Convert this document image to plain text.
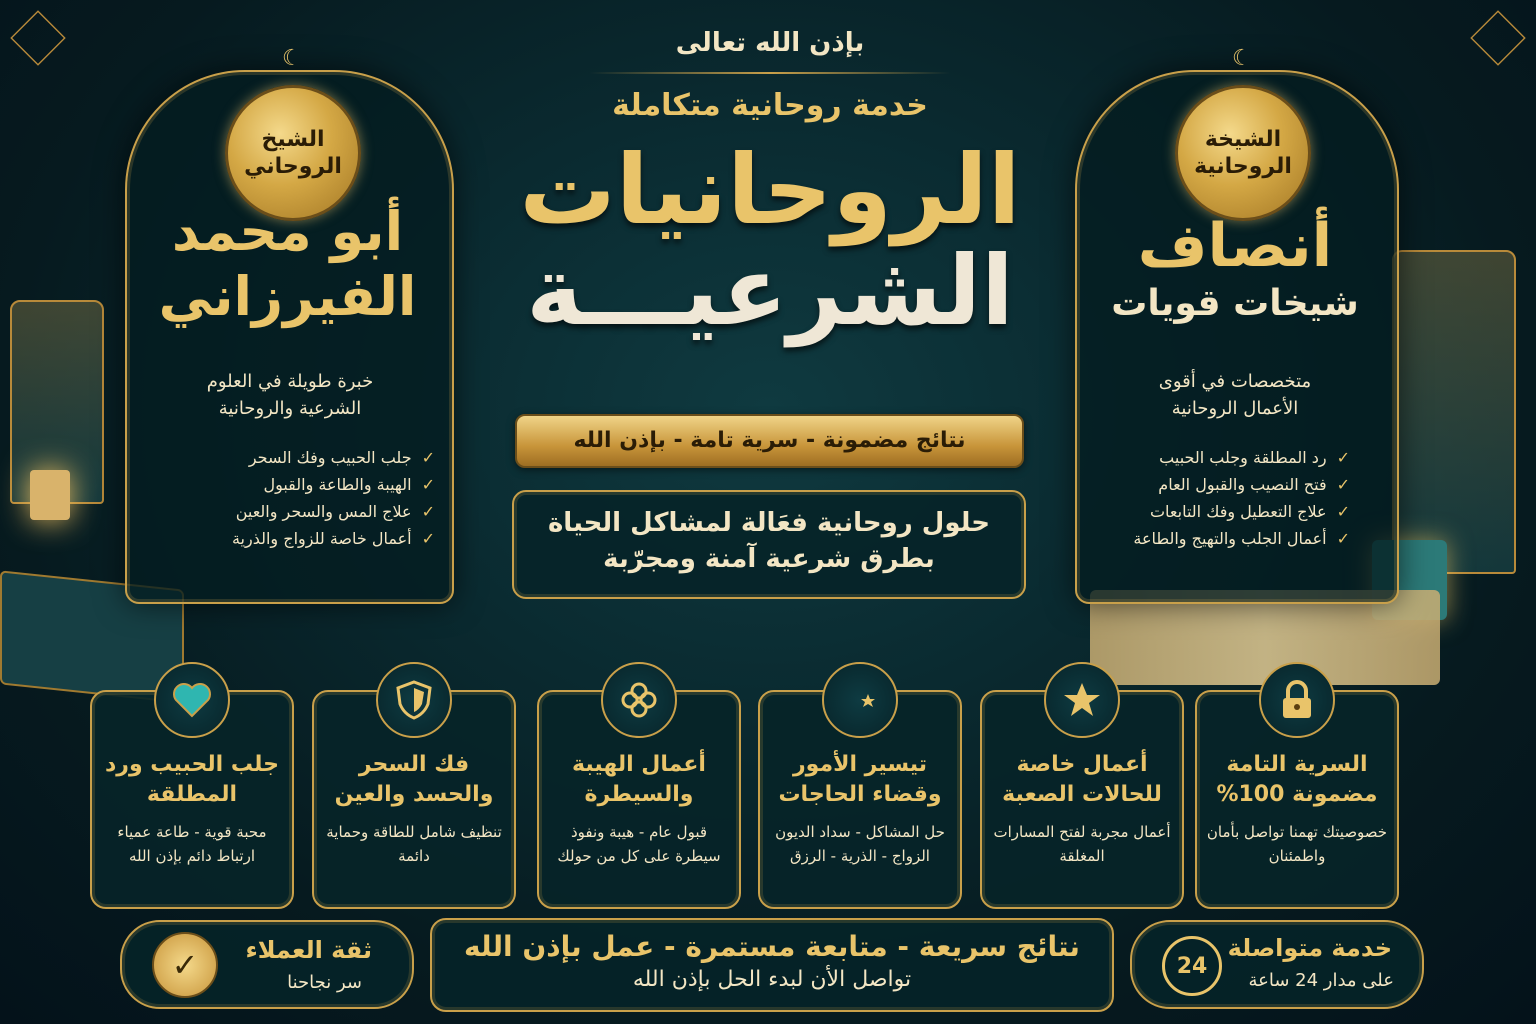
☾
الشيخ الروحاني
أبو محمد
الفيرزاني
خبرة طويلة في العلوم
الشرعية والروحانية
✓
جلب الحبيب وفك السحر
✓
الهيبة والطاعة والقبول
✓
علاج المس والسحر والعين
✓
أعمال خاصة للزواج والذرية
☾
الشيخة الروحانية
أنصاف
شيخات قويات
متخصصات في أقوى
الأعمال الروحانية
✓
رد المطلقة وجلب الحبيب
✓
فتح النصيب والقبول العام
✓
علاج التعطيل وفك التابعات
✓
أعمال الجلب والتهيج والطاعة
بإذن الله تعالى
خدمة روحانية متكاملة
الروحانيات
الشرعيـــة
نتائج مضمونة - سرية تامة - بإذن الله
حلول روحانية فعَالة لمشاكل الحياة
بطرق شرعية آمنة ومجرّبة
جلب الحبيب ورد المطلقة
محبة قوية - طاعة عمياء ارتباط دائم بإذن الله
فك السحر والحسد والعين
تنظيف شامل للطاقة وحماية دائمة
أعمال الهيبة والسيطرة
قبول عام - هيبة ونفوذ سيطرة على كل من حولك
تيسير الأمور وقضاء الحاجات
حل المشاكل - سداد الديون الزواج - الذرية - الرزق
أعمال خاصة للحالات الصعبة
أعمال مجربة لفتح المسارات المغلقة
السرية التامة مضمونة 100%
خصوصيتك تهمنا تواصل بأمان واطمئنان
✓	ثقة العملاء
سر نجاحنا
نتائج سريعة - متابعة مستمرة - عمل بإذن الله
تواصل الأن لبدء الحل بإذن الله
خدمة متواصلة
على مدار 24 ساعة
24
